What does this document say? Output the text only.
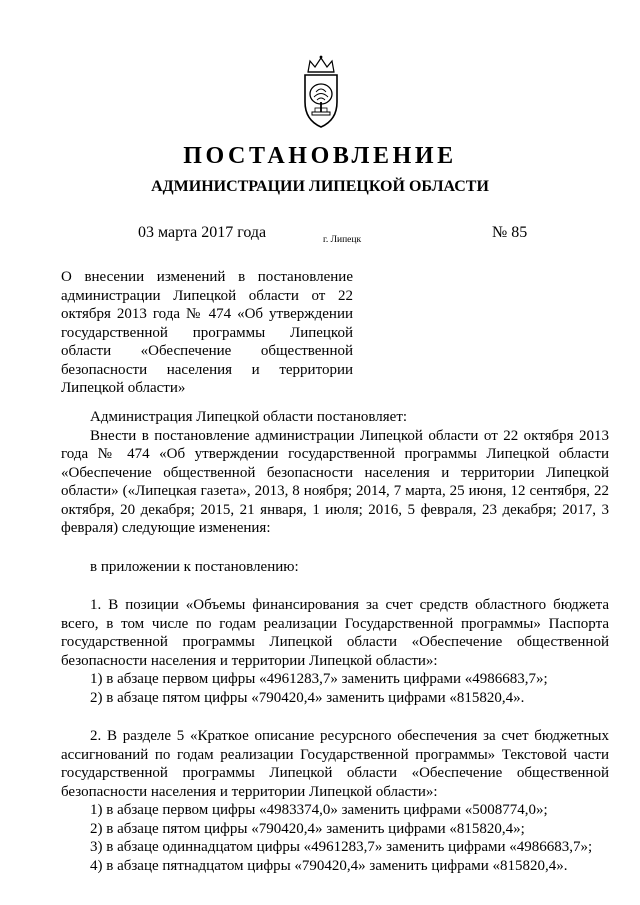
ПОСТАНОВЛЕНИЕ
АДМИНИСТРАЦИИ ЛИПЕЦКОЙ ОБЛАСТИ
03 марта 2017 года	г. Липецк	№ 85
О внесении изменений в постановление администрации Липецкой области от 22 октября 2013 года № 474 «Об утверждении государственной программы Липецкой области «Обеспечение общественной безопасности населения и территории Липецкой области»

Администрация Липецкой области постановляет:

Внести в постановление администрации Липецкой области от 22 октября 2013 года № 474 «Об утверждении государственной программы Липецкой области «Обеспечение общественной безопасности населения и территории Липецкой области» («Липецкая газета», 2013, 8 ноября; 2014, 7 марта, 25 июня, 12 сентября, 22 октября, 20 декабря; 2015, 21 января, 1 июля; 2016, 5 февраля, 23 декабря; 2017, 3 февраля) следующие изменения:

в приложении к постановлению:

1. В позиции «Объемы финансирования за счет средств областного бюджета всего, в том числе по годам реализации Государственной программы» Паспорта государственной программы Липецкой области «Обеспечение общественной безопасности населения и территории Липецкой области»:

1) в абзаце первом цифры «4961283,7» заменить цифрами «4986683,7»;

2) в абзаце пятом цифры «790420,4» заменить цифрами «815820,4».

2. В разделе 5 «Краткое описание ресурсного обеспечения за счет бюджетных ассигнований по годам реализации Государственной программы» Текстовой части государственной программы Липецкой области «Обеспечение общественной безопасности населения и территории Липецкой области»:

1) в абзаце первом цифры «4983374,0» заменить цифрами «5008774,0»;

2) в абзаце пятом цифры «790420,4» заменить цифрами «815820,4»;

3) в абзаце одиннадцатом цифры «4961283,7» заменить цифрами «4986683,7»;

4) в абзаце пятнадцатом цифры «790420,4» заменить цифрами «815820,4».
